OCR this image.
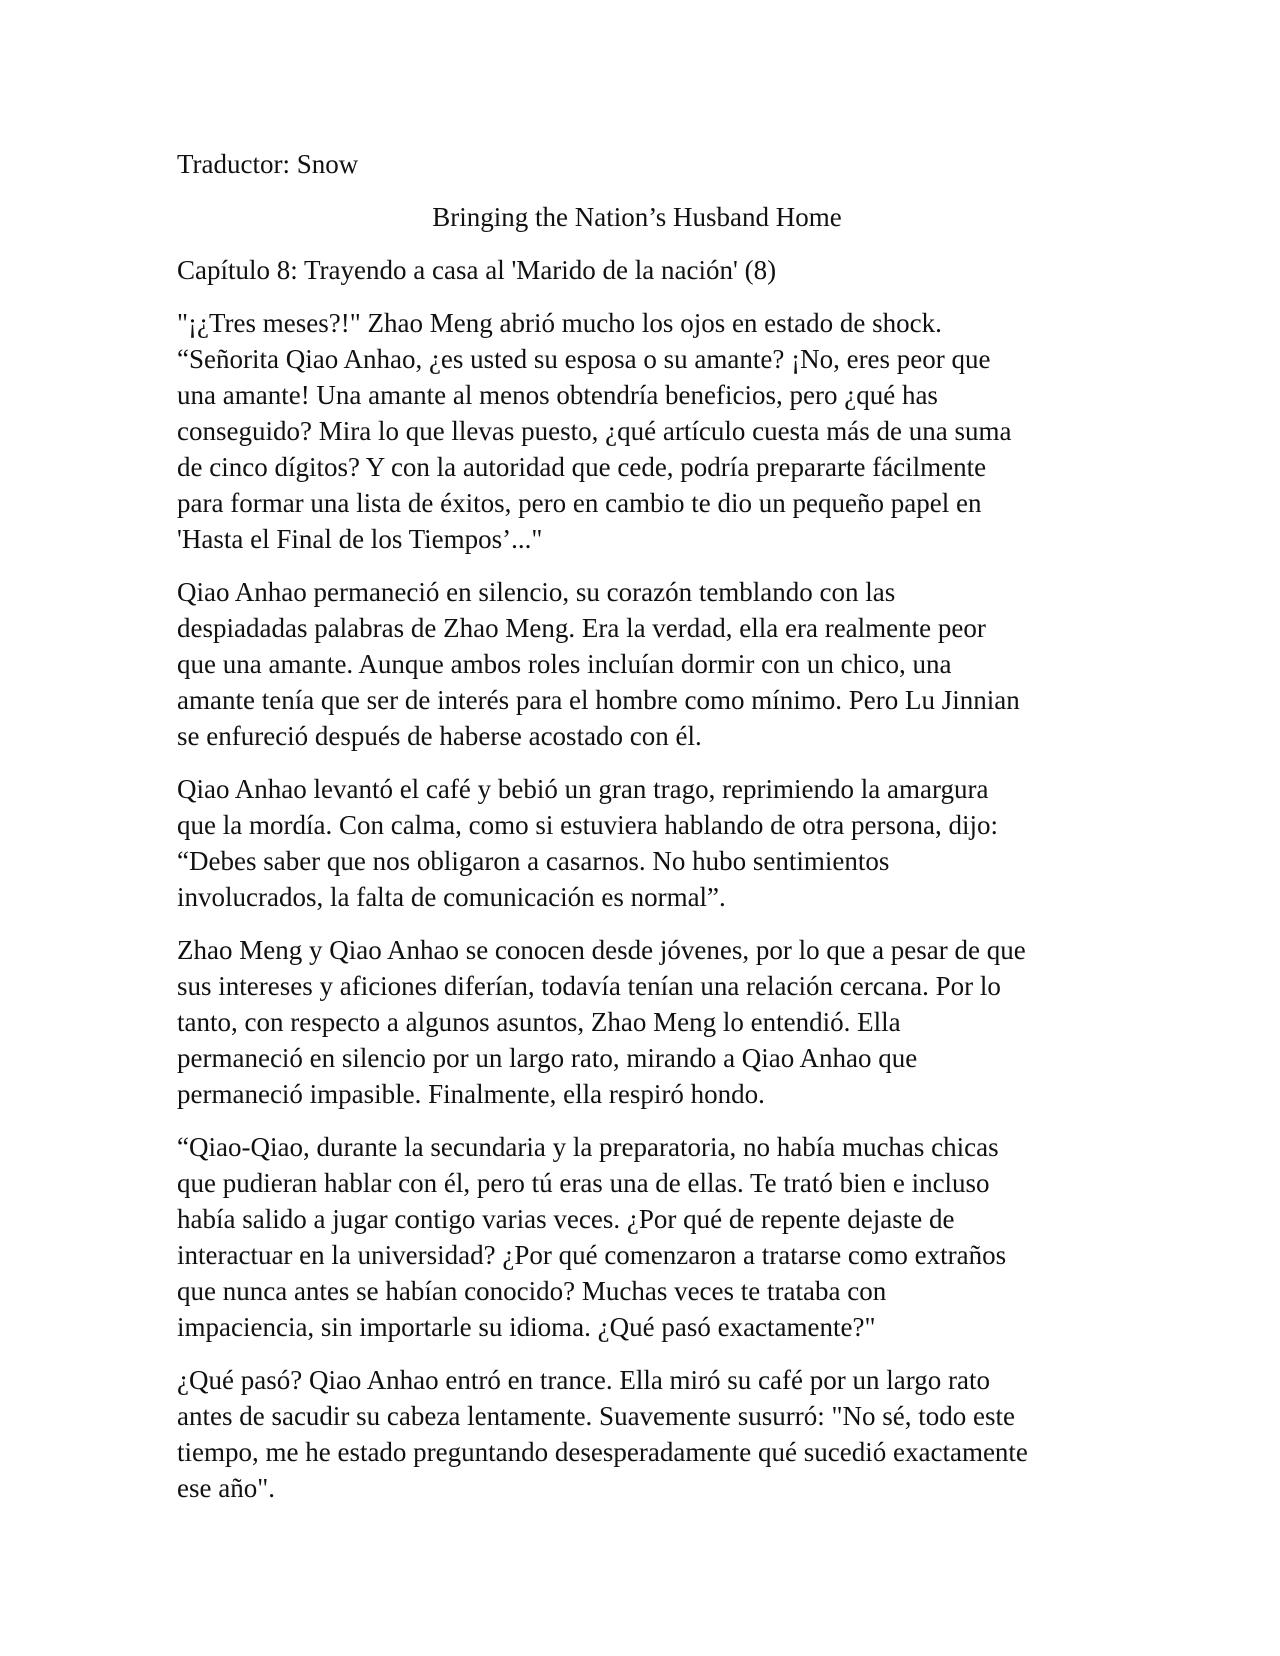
Traductor: Snow

Bringing the Nation’s Husband Home

Capítulo 8: Trayendo a casa al 'Marido de la nación' (8)

"¡¿Tres meses?!" Zhao Meng abrió mucho los ojos en estado de shock.

“Señorita Qiao Anhao, ¿es usted su esposa o su amante? ¡No, eres peor que

una amante! Una amante al menos obtendría beneficios, pero ¿qué has

conseguido? Mira lo que llevas puesto, ¿qué artículo cuesta más de una suma

de cinco dígitos? Y con la autoridad que cede, podría prepararte fácilmente

para formar una lista de éxitos, pero en cambio te dio un pequeño papel en

'Hasta el Final de los Tiempos’..."

Qiao Anhao permaneció en silencio, su corazón temblando con las

despiadadas palabras de Zhao Meng. Era la verdad, ella era realmente peor

que una amante. Aunque ambos roles incluían dormir con un chico, una

amante tenía que ser de interés para el hombre como mínimo. Pero Lu Jinnian

se enfureció después de haberse acostado con él.

Qiao Anhao levantó el café y bebió un gran trago, reprimiendo la amargura

que la mordía. Con calma, como si estuviera hablando de otra persona, dijo:

“Debes saber que nos obligaron a casarnos. No hubo sentimientos

involucrados, la falta de comunicación es normal”.

Zhao Meng y Qiao Anhao se conocen desde jóvenes, por lo que a pesar de que

sus intereses y aficiones diferían, todavía tenían una relación cercana. Por lo

tanto, con respecto a algunos asuntos, Zhao Meng lo entendió. Ella

permaneció en silencio por un largo rato, mirando a Qiao Anhao que

permaneció impasible. Finalmente, ella respiró hondo.

“Qiao-Qiao, durante la secundaria y la preparatoria, no había muchas chicas

que pudieran hablar con él, pero tú eras una de ellas. Te trató bien e incluso

había salido a jugar contigo varias veces. ¿Por qué de repente dejaste de

interactuar en la universidad? ¿Por qué comenzaron a tratarse como extraños

que nunca antes se habían conocido? Muchas veces te trataba con

impaciencia, sin importarle su idioma. ¿Qué pasó exactamente?"

¿Qué pasó? Qiao Anhao entró en trance. Ella miró su café por un largo rato

antes de sacudir su cabeza lentamente. Suavemente susurró: "No sé, todo este

tiempo, me he estado preguntando desesperadamente qué sucedió exactamente

ese año".
